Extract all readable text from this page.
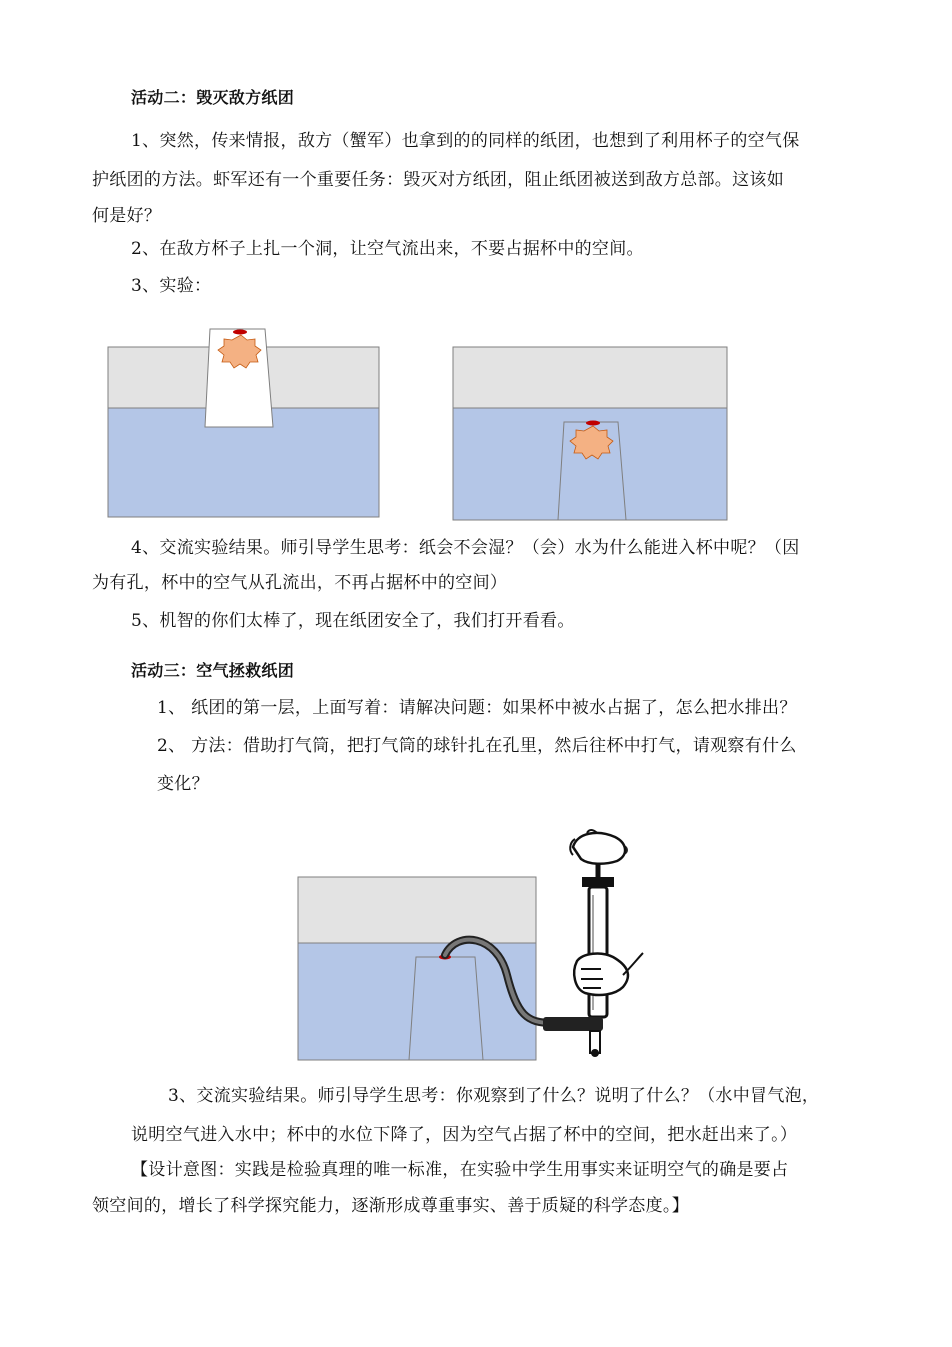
活动二：毁灭敌方纸团
1、突然，传来情报，敌方（蟹军）也拿到的的同样的纸团，也想到了利用杯子的空气保
护纸团的方法。虾军还有一个重要任务：毁灭对方纸团，阻止纸团被送到敌方总部。这该如
何是好？
2、在敌方杯子上扎一个洞，让空气流出来，不要占据杯中的空间。
3、实验：
4、交流实验结果。师引导学生思考：纸会不会湿？（会）水为什么能进入杯中呢？（因
为有孔，杯中的空气从孔流出，不再占据杯中的空间）
5、机智的你们太棒了，现在纸团安全了，我们打开看看。
活动三：空气拯救纸团
1、 纸团的第一层，上面写着：请解决问题：如果杯中被水占据了，怎么把水排出？
2、 方法：借助打气筒，把打气筒的球针扎在孔里，然后往杯中打气，请观察有什么
变化？
3、交流实验结果。师引导学生思考：你观察到了什么？说明了什么？（水中冒气泡，
说明空气进入水中；杯中的水位下降了，因为空气占据了杯中的空间，把水赶出来了。）
【设计意图：实践是检验真理的唯一标准，在实验中学生用事实来证明空气的确是要占
领空间的，增长了科学探究能力，逐渐形成尊重事实、善于质疑的科学态度。】
